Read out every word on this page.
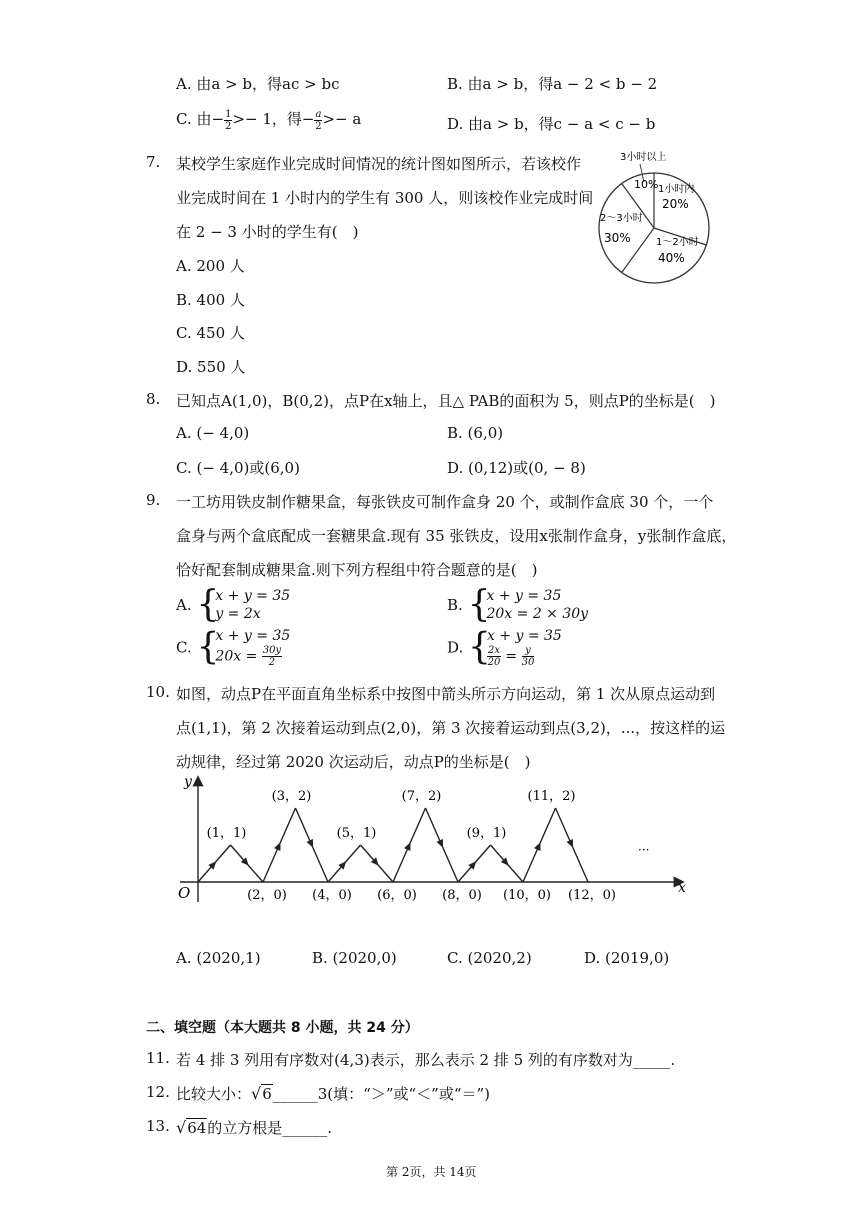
A. 由a > b，得ac > bc	B. 由a > b，得a − 2 < b − 2
C. 由− $\frac{1}{2} >- 1$，得− $\frac{a}{2} >- a$	D. 由a > b，得c − a < c − b
7. 某校学生家庭作业完成时间情况的统计图如图所示，若该校作
业完成时间在 1 小时内的学生有 300 人，则该校作业完成时间
在 2 − 3 小时的学生有(　)
A. 200 人
B. 400 人
C. 450 人
D. 550 人
3小时以上
10% 1小时内
20%
2～3小时
30%	1～2小时
40%
8. 已知点A(1,0)，B(0,2)，点P在x轴上，且△ PAB的面积为 5，则点P的坐标是(　)
A. (− 4,0)	B. (6,0)
C. (− 4,0)或(6,0)	D. (0,12)或(0, − 8)
9. 一工坊用铁皮制作糖果盒，每张铁皮可制作盒身 20 个，或制作盒底 30 个，一个
盒身与两个盒底配成一套糖果盒.现有 35 张铁皮，设用x张制作盒身，y张制作盒底，
恰好配套制成糖果盒.则下列方程组中符合题意的是(　)
A. {
x + y = 35
y = 2x	B. {
x + y = 35
20x = 2 × 30y
C. {
x + y = 35
$20x = \frac{30y}{2}$	D. {
x + y = 35
$\frac{2x}{20} = \frac{y}{30}$
10. 如图，动点P在平面直角坐标系中按图中箭头所示方向运动，第 1 次从原点运动到
点(1,1)，第 2 次接着运动到点(2,0)，第 3 次接着运动到点(3,2)，...，按这样的运
动规律，经过第 2020 次运动后，动点P的坐标是(　)
y
x
O
···
(1，1)
(2，0)
(3，2)
(4，0)
(5，1)
(6，0)
(7，2)
(8，0)
(9，1)
(10，0)
(11，2)
(12，0)
A. (2020,1)	B. (2020,0)	C. (2020,2)	D. (2019,0)
二、填空题（本大题共 8 小题，共 24 分）
11. 若 4 排 3 列用有序数对(4,3)表示，那么表示 2 排 5 列的有序数对为_____.
12. 比较大小：√6______3(填：“＞”或“＜”或“＝”)
13. √64的立方根是______.
第 2页，共 14页
